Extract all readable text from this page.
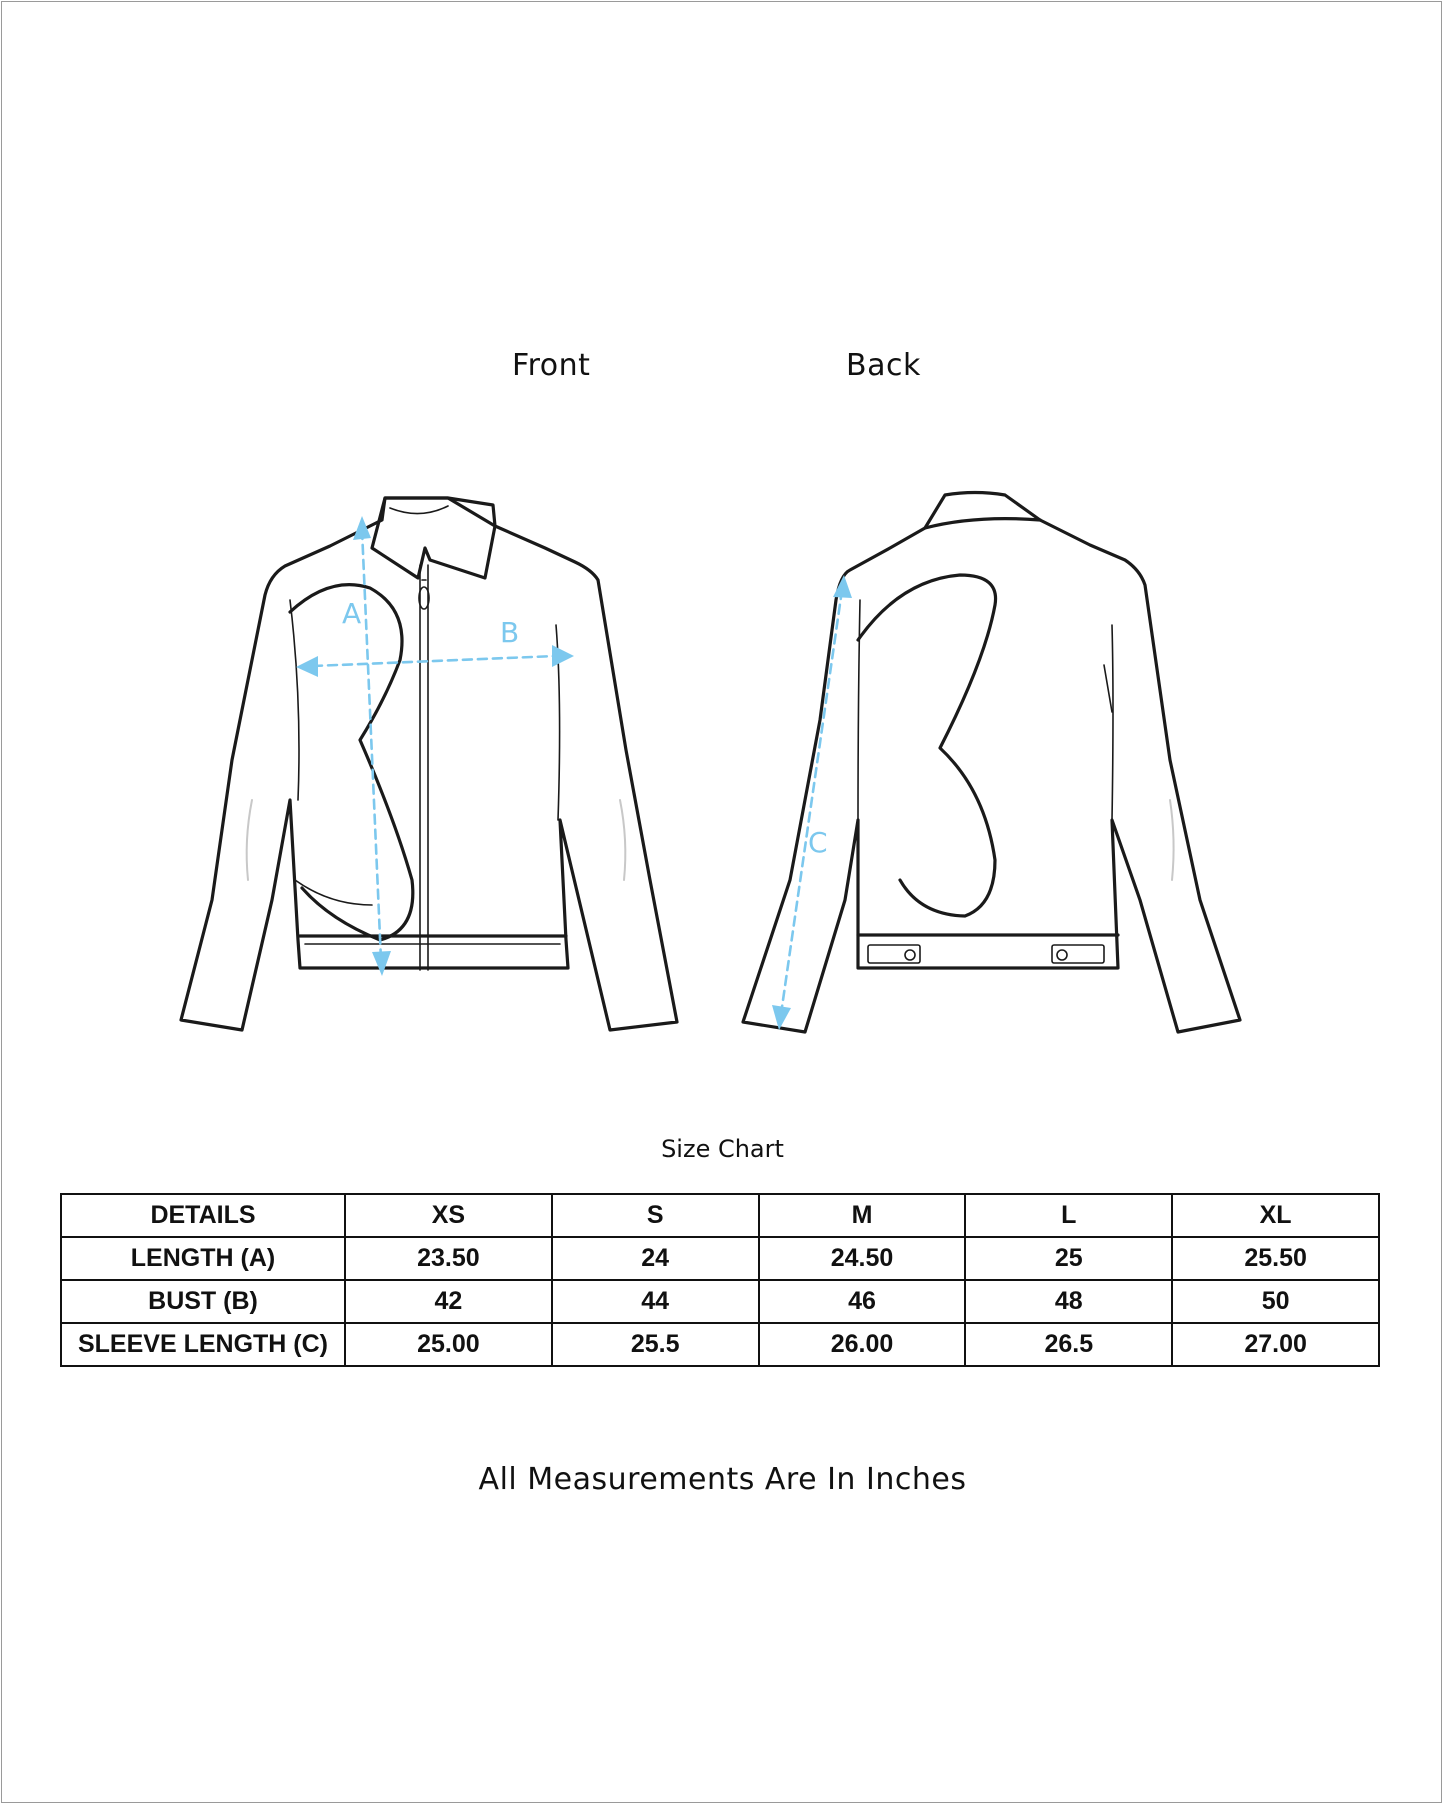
Front	Back
A
B
C
Size Chart
DETAILS	XS	S	M	L	XL
LENGTH (A)	23.50	24	24.50	25	25.50
BUST (B)	42	44	46	48	50
SLEEVE LENGTH (C)	25.00	25.5	26.00	26.5	27.00
All Measurements Are In Inches
